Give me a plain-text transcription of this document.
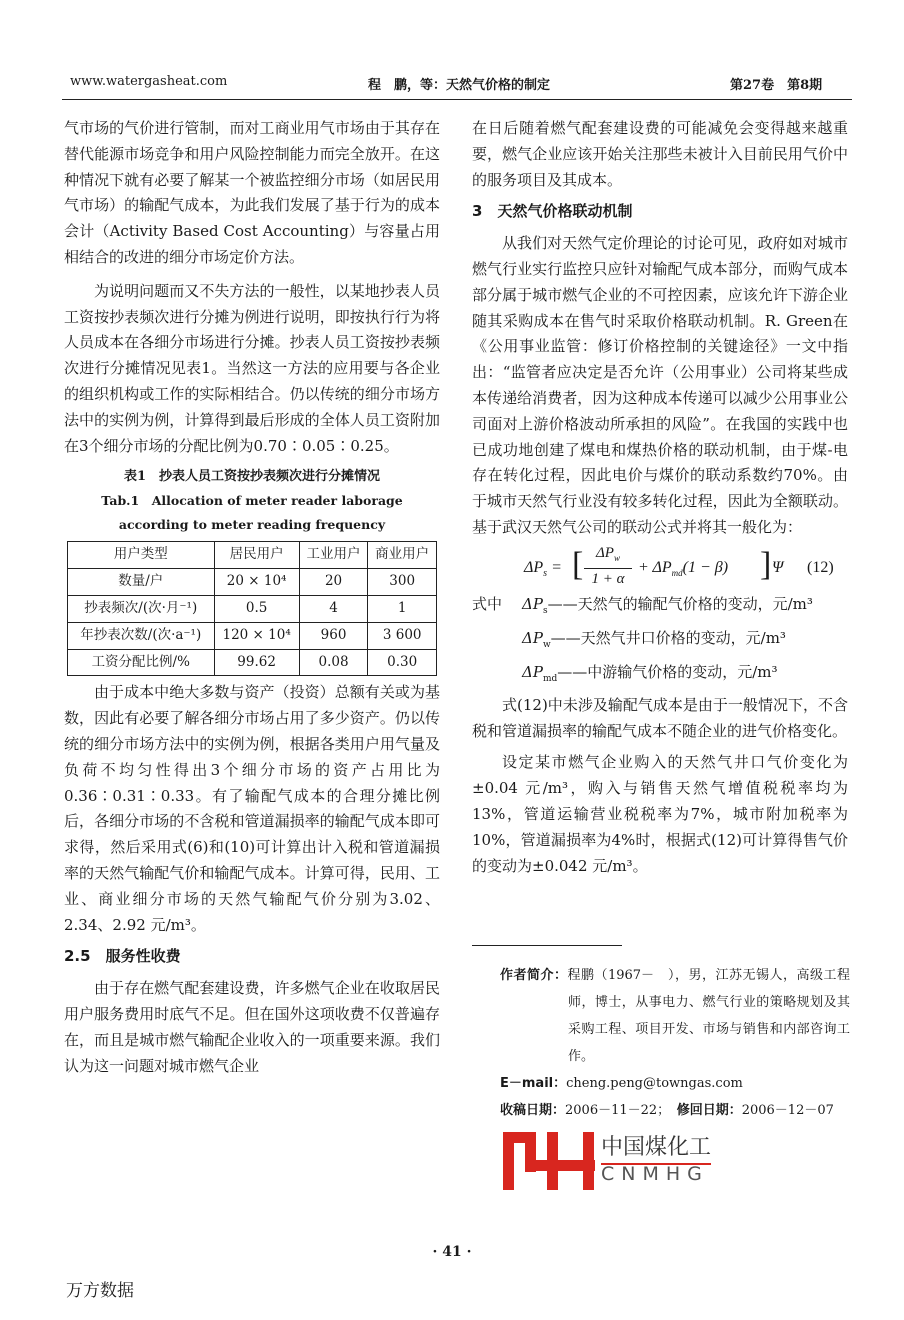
www.watergasheat.com	程　鹏，等：天然气价格的制定	第27卷　第8期

气市场的气价进行管制，而对工商业用气市场由于其存在替代能源市场竞争和用户风险控制能力而完全放开。在这种情况下就有必要了解某一个被监控细分市场（如居民用气市场）的输配气成本，为此我们发展了基于行为的成本会计（Activity Based Cost Accounting）与容量占用相结合的改进的细分市场定价方法。

为说明问题而又不失方法的一般性，以某地抄表人员工资按抄表频次进行分摊为例进行说明，即按执行行为将人员成本在各细分市场进行分摊。抄表人员工资按抄表频次进行分摊情况见表1。当然这一方法的应用要与各企业的组织机构或工作的实际相结合。仍以传统的细分市场方法中的实例为例，计算得到最后形成的全体人员工资附加在3个细分市场的分配比例为0.70∶0.05∶0.25。

表1　抄表人员工资按抄表频次进行分摊情况
Tab.1　Allocation of meter reader laborage according to meter reading frequency
用户类型	居民用户	工业用户	商业用户
数量/户	20 × 10⁴	20	300
抄表频次/(次·月⁻¹)	0.5	4	1
年抄表次数/(次·a⁻¹)	120 × 10⁴	960	3 600
工资分配比例/%	99.62	0.08	0.30

由于成本中绝大多数与资产（投资）总额有关或为基数，因此有必要了解各细分市场占用了多少资产。仍以传统的细分市场方法中的实例为例，根据各类用户用气量及负荷不均匀性得出3个细分市场的资产占用比为0.36∶0.31∶0.33。有了输配气成本的合理分摊比例后，各细分市场的不含税和管道漏损率的输配气成本即可求得，然后采用式(6)和(10)可计算出计入税和管道漏损率的天然气输配气价和输配气成本。计算可得，民用、工业、商业细分市场的天然气输配气价分别为3.02、2.34、2.92 元/m³。

2.5　服务性收费

由于存在燃气配套建设费，许多燃气企业在收取居民用户服务费用时底气不足。但在国外这项收费不仅普遍存在，而且是城市燃气输配企业收入的一项重要来源。我们认为这一问题对城市燃气企业

在日后随着燃气配套建设费的可能减免会变得越来越重要，燃气企业应该开始关注那些未被计入目前民用气价中的服务项目及其成本。

3　天然气价格联动机制

从我们对天然气定价理论的讨论可见，政府如对城市燃气行业实行监控只应针对输配气成本部分，而购气成本部分属于城市燃气企业的不可控因素，应该允许下游企业随其采购成本在售气时采取价格联动机制。R. Green在《公用事业监管：修订价格控制的关键途径》一文中指出：“监管者应决定是否允许（公用事业）公司将某些成本传递给消费者，因为这种成本传递可以减少公用事业公司面对上游价格波动所承担的风险”。在我国的实践中也已成功地创建了煤电和煤热价格的联动机制，由于煤-电存在转化过程，因此电价与煤价的联动系数约70%。由于城市天然气行业没有较多转化过程，因此为全额联动。基于武汉天然气公司的联动公式并将其一般化为：

$\Delta P_s$ = [ $\Delta P_w$
1 + α
+ $\Delta P_{md}(1 - \beta)$ ] Ψ (12)
式中 $\Delta P_s——$天然气的输配气价格的变动，元/m³
$\Delta P_w——$天然气井口价格的变动，元/m³
$\Delta P_{md}——$中游输气价格的变动，元/m³

式(12)中未涉及输配气成本是由于一般情况下，不含税和管道漏损率的输配气成本不随企业的进气价格变化。

设定某市燃气企业购入的天然气井口气价变化为±0.04 元/m³，购入与销售天然气增值税税率均为13%，管道运输营业税税率为7%，城市附加税率为10%，管道漏损率为4%时，根据式(12)可计算得售气价的变动为±0.042 元/m³。

作者简介：程鹏（1967－　），男，江苏无锡人，高级工程师，博士，从事电力、燃气行业的策略规划及其采购工程、项目开发、市场与销售和内部咨询工作。
E－mail：cheng.peng@towngas.com
收稿日期：2006－11－22；　 修回日期：2006－12－07
中国煤化工
CNMHG
· 41 ·
万方数据
